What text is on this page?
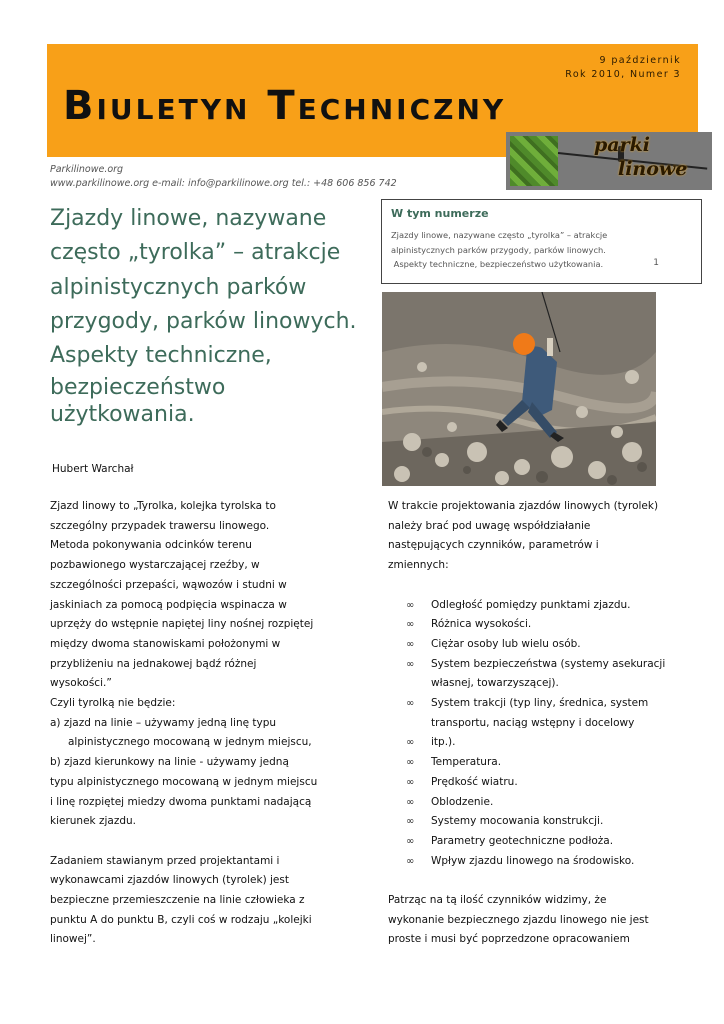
9 październik
Rok 2010, Numer 3
Biuletyn Techniczny
parki
linowe
Parkilinowe.org
www.parkilinowe.org e-mail: info@parkilinowe.org tel.: +48 606 856 742
Zjazdy linowe, nazywane
często „tyrolka” – atrakcje
alpinistycznych parków
przygody, parków linowych.
Aspekty techniczne,
bezpieczeństwo
użytkowania.
Hubert Warchał
W tym numerze
Zjazdy linowe, nazywane często „tyrolka” – atrakcje
alpinistycznych parków przygody, parków linowych.
Aspekty techniczne, bezpieczeństwo użytkowania.	1
Zjazd linowy to „Tyrolka, kolejka tyrolska to
szczególny przypadek trawersu linowego.
Metoda pokonywania odcinków terenu
pozbawionego wystarczającej rzeźby, w
szczególności przepaści, wąwozów i studni w
jaskiniach za pomocą podpięcia wspinacza w
uprzęży do wstępnie napiętej liny nośnej rozpiętej
między dwoma stanowiskami położonymi w
przybliżeniu na jednakowej bądź różnej
wysokości.”
Czyli tyrolką nie będzie:
a) zjazd na linie – używamy jedną linę typu
alpinistycznego mocowaną w jednym miejscu,
b) zjazd kierunkowy na linie - używamy jedną
typu alpinistycznego mocowaną w jednym miejscu
i linę rozpiętej miedzy dwoma punktami nadającą
kierunek zjazdu.
Zadaniem stawianym przed projektantami i
wykonawcami zjazdów linowych (tyrolek) jest
bezpieczne przemieszczenie na linie człowieka z
punktu A do punktu B, czyli coś w rodzaju „kolejki
linowej”.
W trakcie projektowania zjazdów linowych (tyrolek)
należy brać pod uwagę współdziałanie
następujących czynników, parametrów i
zmiennych:
∞ Odległość pomiędzy punktami zjazdu.
∞ Różnica wysokości.
∞ Ciężar osoby lub wielu osób.
∞ System bezpieczeństwa (systemy asekuracji
własnej, towarzyszącej).
∞ System trakcji (typ liny, średnica, system
transportu, naciąg wstępny i docelowy
∞ itp.).
∞ Temperatura.
∞ Prędkość wiatru.
∞ Oblodzenie.
∞ Systemy mocowania konstrukcji.
∞ Parametry geotechniczne podłoża.
∞ Wpływ zjazdu linowego na środowisko.
Patrząc na tą ilość czynników widzimy, że
wykonanie bezpiecznego zjazdu linowego nie jest
proste i musi być poprzedzone opracowaniem
